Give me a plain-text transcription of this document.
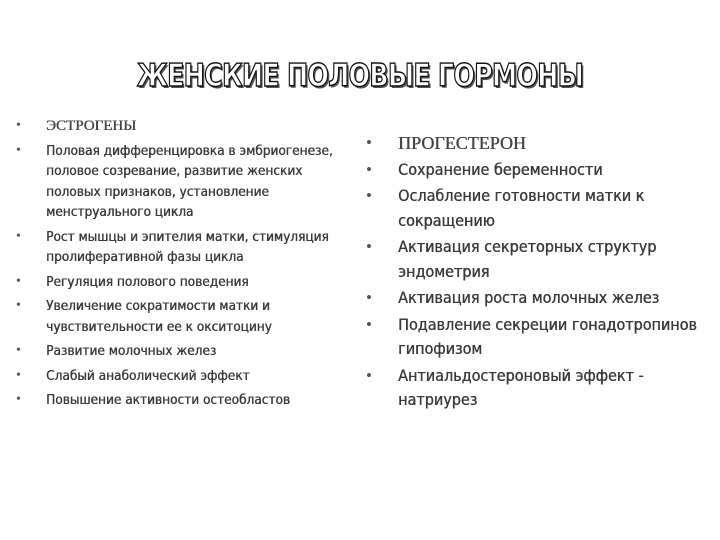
ЖЕНСКИЕ ПОЛОВЫЕ ГОРМОНЫ
• ЭСТРОГЕНЫ
• Половая дифференцировка в эмбриогенезе, половое созревание, развитие женских половых признаков, установление менструального цикла
• Рост мышцы и эпителия матки, стимуляция пролиферативной фазы цикла
• Регуляция полового поведения
• Увеличение сократимости матки и чувствительности ее к окситоцину
• Развитие молочных желез
• Слабый анаболический эффект
• Повышение активности остеобластов
• ПРОГЕСТЕРОН
• Сохранение беременности
• Ослабление готовности матки к сокращению
• Активация секреторных структур эндометрия
• Активация роста молочных желез
• Подавление секреции гонадотропинов гипофизом
• Антиальдостероновый эффект - натриурез
